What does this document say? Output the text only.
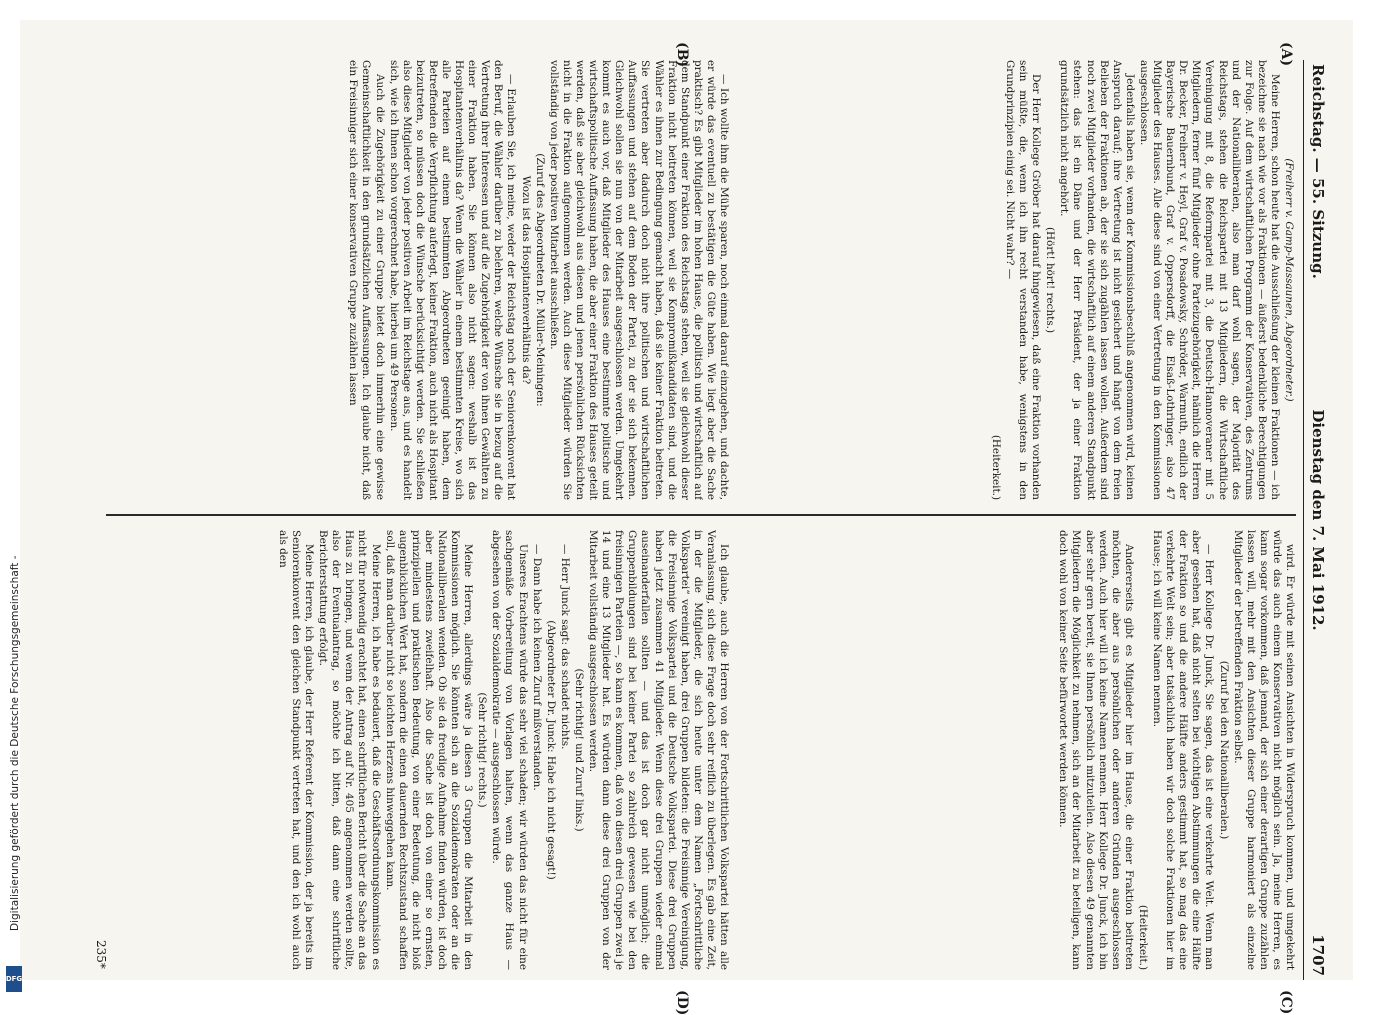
Reichstag. — 55. Sitzung.
Dienstag den 7. Mai 1912.
1707

(Freiherr v. Gamp-Massaunen, Abgeordneter.)

Meine Herren, schon heute hat die Ausschließung der kleinen Fraktionen — ich bezeichne sie nach wie vor als Fraktionen — äußerst bedenkliche Berechtigungen zur Folge. Auf dem wirtschaftlichen Programm der Konservativen, des Zentrums und der Nationalliberalen, also man darf wohl sagen, der Majorität des Reichstags, stehen die Reichspartei mit 13 Mitgliedern, die Wirtschaftliche Vereinigung mit 8, die Reformpartei mit 3, die Deutsch-Hannoveraner mit 5 Mitgliedern, ferner fünf Mitglieder ohne Parteizugehörigkeit, nämlich die Herren Dr. Becker, Freiherr v. Heyl, Graf v. Posadowsky, Schröder, Warmuth, endlich der Bayerische Bauernbund, Graf v. Oppersdorff, die Elsaß-Lothringer, also 47 Mitglieder des Hauses. Alle diese sind von einer Vertretung in den Kommissionen ausgeschlossen.

Jedenfalls haben sie, wenn der Kommissionsbeschluß angenommen wird, keinen Anspruch darauf; ihre Vertretung ist nicht gesichert und hängt von dem freien Belieben der Fraktionen ab, der sie sich zugählen lassen wollen. Außerdem sind noch zwei Mitglieder vorhanden, die wirtschaftlich auf einem anderen Standpunkt stehen: das ist ein Däne und der Herr Präsident, der ja einer Fraktion grundsätzlich nicht angehört.

(Hört! hört! rechts.)

Der Herr Kollege Gröber hat darauf hingewiesen, daß eine Fraktion vorhanden sein müßte, die, wenn ich ihn recht verstanden habe, wenigstens in den Grundprinzipien einig sei. Nicht wahr? —

(Heiterkeit.)

— Ich wollte ihm die Mühe sparen, noch einmal darauf einzugehen, und dachte, er würde das eventuell zu bestätigen die Güte haben. Wie liegt aber die Sache praktisch? Es gibt Mitglieder im hohen Hause, die politisch und wirtschaftlich auf dem Standpunkt einer Fraktion des Reichstags stehen, weil sie gleichwohl dieser Fraktion nicht beitreten können, weil sie Kompromißkandidaten sind, und die Wähler es ihnen zur Bedingung gemacht haben, daß sie keiner Fraktion beitreten. Sie vertreten aber dadurch doch nicht ihre politischen und wirtschaftlichen Auffassungen und stehen auf dem Boden der Partei, zu der sie sich bekennen. Gleichwohl sollen sie nun von der Mitarbeit ausgeschlossen werden. Umgekehrt kommt es auch vor, daß Mitglieder des Hauses eine bestimmte politische und wirtschaftspolitische Auffassung haben, die aber einer Fraktion des Hauses geteilt werden, daß sie aber gleichwohl aus diesen und jenen persönlichen Rücksichten nicht in die Fraktion aufgenommen werden. Auch diese Mitglieder würden Sie vollständig von jeder positiven Mitarbeit ausschließen.

(Zuruf des Abgeordneten Dr. Müller-Meiningen:

Wozu ist das Hospitantenverhältnis da?

— Erlauben Sie, ich meine, weder der Reichstag noch der Seniorenkonvent hat den Beruf, die Wähler darüber zu belehren, welche Wünsche sie in bezug auf die Vertretung ihrer Interessen und auf die Zugehörigkeit der von ihnen Gewählten zu einer Fraktion haben. Sie können also nicht sagen: weshalb ist das Hospitantenverhältnis da? Wenn die Wähler in einem bestimmten Kreise, wo sich alle Parteien auf einem bestimmten Abgeordneten geeinigt haben, dem Betreffenden die Verpflichtung auferlegt, keiner Fraktion, auch nicht als Hospitant beizutreten, so müssen doch die Wünsche berücksichtigt werden. Sie schließen also diese Mitglieder von jeder positiven Arbeit im Reichstage aus, und es handelt sich, wie ich Ihnen schon vorgerechnet habe, hierbei um 49 Personen.

Auch die Zugehörigkeit zu einer Gruppe bietet doch immerhin eine gewisse Gemeinschaftlichkeit in den grundsätzlichen Auffassungen. Ich glaube nicht, daß ein Freisinniger sich einer konservativen Gruppe zuzählen lassen

wird. Er würde mit seinen Ansichten in Widerspruch kommen, und umgekehrt würde das auch einem Konservativen nicht möglich sein. Ja, meine Herren, es kann sogar vorkommen, daß jemand, der sich einer derartigen Gruppe zuzählen lassen will, mehr mit den Ansichten dieser Gruppe harmoniert als einzelne Mitglieder der betreffenden Fraktion selbst.

(Zuruf bei den Nationalliberalen.)

— Herr Kollege Dr. Junck, Sie sagen, das ist eine verkehrte Welt. Wenn man aber gesehen hat, daß nicht selten bei wichtigen Abstimmungen die eine Hälfte der Fraktion so und die andere Hälfte anders gestimmt hat, so mag das eine verkehrte Welt sein; aber tatsächlich haben wir doch solche Fraktionen hier im Hause; ich will keine Namen nennen.

(Heiterkeit.)

Andererseits gibt es Mitglieder hier im Hause, die einer Fraktion beitreten möchten, die aber aus persönlichen oder anderen Gründen ausgeschlossen werden. Auch hier will ich keine Namen nennen. Herr Kollege Dr. Junck, ich bin aber sehr gern bereit, sie Ihnen persönlich mitzuteilen. Also diesen 49 genannten Mitgliedern die Möglichkeit zu nehmen, sich an der Mitarbeit zu beteiligen, kann doch wohl von keiner Seite befürwortet werden können.

Ich glaube, auch die Herren von der Fortschrittlichen Volkspartei hätten alle Veranlassung, sich diese Frage doch sehr reiflich zu überlegen. Es gab eine Zeit, in der die Mitglieder, die sich heute unter dem Namen „Fortschrittliche Volkspartei“ vereinigt haben, drei Gruppen bildeten: die Freisinnige Vereinigung, die Freisinnige Volkspartei und die Deutsche Volkspartei. Diese drei Gruppen haben jetzt zusammen 41 Mitglieder. Wenn diese drei Gruppen wieder einmal auseinanderfallen sollten — und das ist doch gar nicht unmöglich; die Gruppenbildungen sind bei keiner Partei so zahlreich gewesen wie bei den freisinnigen Parteien —, so kann es kommen, daß von diesen drei Gruppen zwei je 14 und eine 13 Mitglieder hat. Es würden dann diese drei Gruppen von der Mitarbeit vollständig ausgeschlossen werden.

(Sehr richtig! und Zuruf links.)

— Herr Junck sagt: das schadet nichts.

(Abgeordneter Dr. Junck: Habe ich nicht gesagt!)

— Dann habe ich keinen Zuruf mißverstanden.

Unseres Erachtens würde das sehr viel schaden; wir würden das nicht für eine sachgemäße Vorbereitung von Vorlagen halten, wenn das ganze Haus — abgesehen von der Sozialdemokratie — ausgeschlossen würde.

(Sehr richtig! rechts.)

Meine Herren, allerdings wäre ja diesen 3 Gruppen die Mitarbeit in den Kommissionen möglich. Sie könnten sich an die Sozialdemokraten oder an die Nationalliberalen wenden. Ob sie da freudige Aufnahme finden würden, ist doch aber mindestens zweifelhaft. Also die Sache ist doch von einer so ernsten, prinzipiellen und praktischen Bedeutung, von einer Bedeutung, die nicht bloß augenblicklichen Wert hat, sondern die einen dauernden Rechtszustand schaffen soll, daß man darüber nicht so leichten Herzens hinweggehen kann.

Meine Herren, ich habe es bedauert, daß die Geschäftsordnungskommission es nicht für notwendig erachtet hat, einen schriftlichen Bericht über die Sache an das Haus zu bringen, und wenn der Antrag auf Nr. 405 angenommen werden sollte, also der Eventualantrag, so möchte ich bitten, daß dann eine schriftliche Berichterstattung erfolgt.

Meine Herren, ich glaube, der Herr Referent der Kommission, der ja bereits im Seniorenkonvent den gleichen Standpunkt vertreten hat, und den ich wohl auch als den

(A)
(B)
(C)
(D)
235*
Digitalisierung gefördert durch die Deutsche Forschungsgemeinschaft -
DFG
